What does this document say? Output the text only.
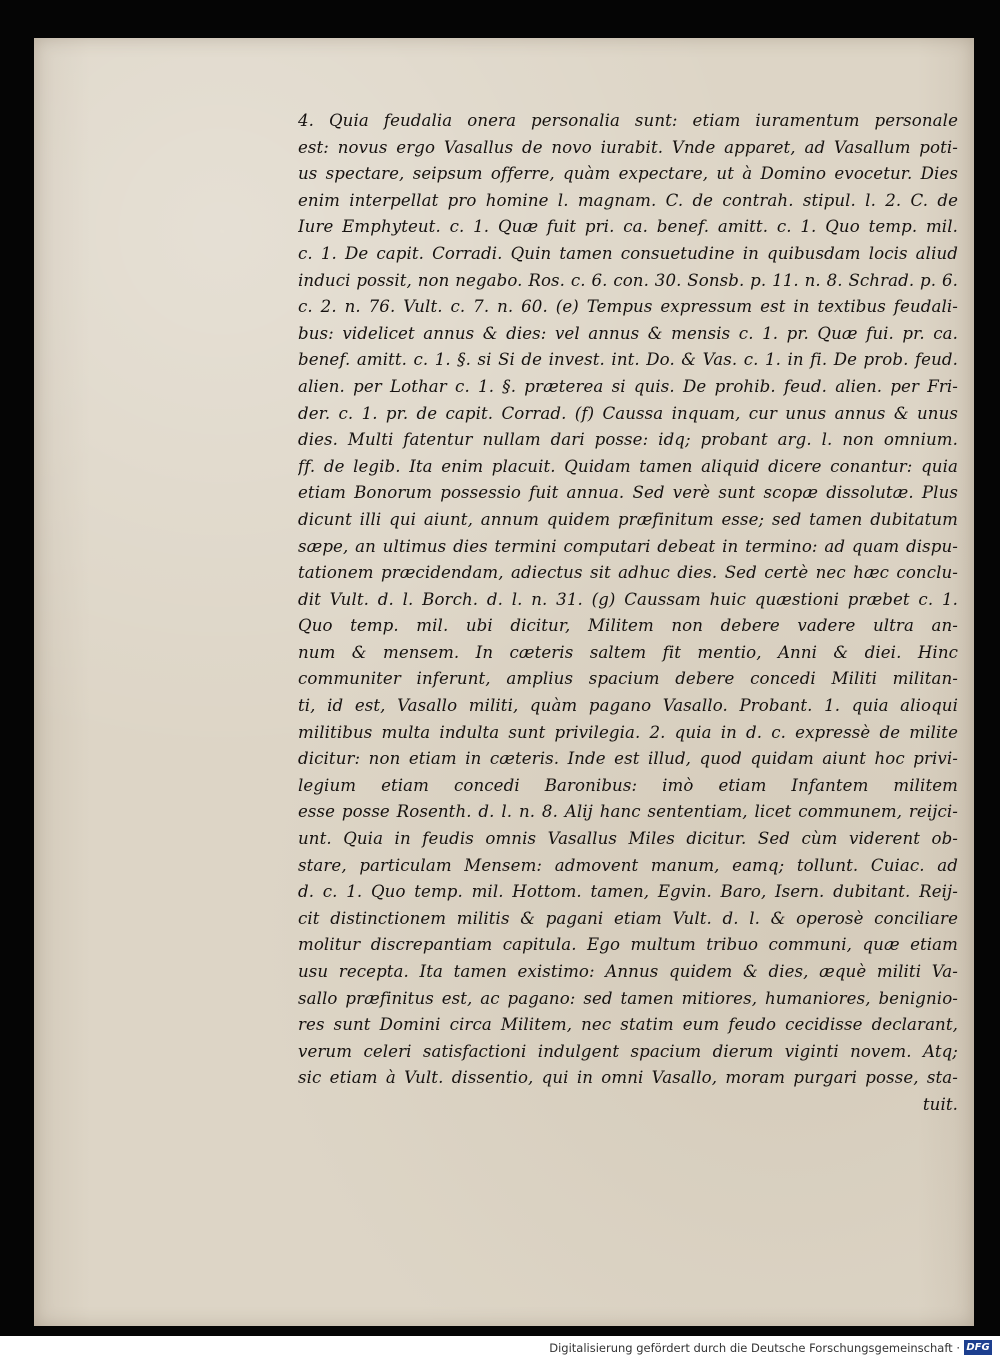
4. Quia feudalia onera personalia sunt: etiam iuramentum personale
est: novus ergo Vasallus de novo iurabit. Vnde apparet, ad Vasallum poti-
us spectare, seipsum offerre, quàm expectare, ut à Domino evocetur. Dies
enim interpellat pro homine l. magnam. C. de contrah. stipul. l. 2. C. de
Iure Emphyteut. c. 1. Quæ fuit pri. ca. benef. amitt. c. 1. Quo temp. mil.
c. 1. De capit. Corradi. Quin tamen consuetudine in quibusdam locis aliud
induci possit, non negabo. Ros. c. 6. con. 30. Sonsb. p. 11. n. 8. Schrad. p. 6.
c. 2. n. 76. Vult. c. 7. n. 60. (e) Tempus expressum est in textibus feudali-
bus: videlicet annus & dies: vel annus & mensis c. 1. pr. Quæ fui. pr. ca.
benef. amitt. c. 1. §. si Si de invest. int. Do. & Vas. c. 1. in fi. De prob. feud.
alien. per Lothar c. 1. §. præterea si quis. De prohib. feud. alien. per Fri-
der. c. 1. pr. de capit. Corrad. (f) Caussa inquam, cur unus annus & unus
dies. Multi fatentur nullam dari posse: idq; probant arg. l. non omnium.
ff. de legib. Ita enim placuit. Quidam tamen aliquid dicere conantur: quia
etiam Bonorum possessio fuit annua. Sed verè sunt scopæ dissolutæ. Plus
dicunt illi qui aiunt, annum quidem præfinitum esse; sed tamen dubitatum
sæpe, an ultimus dies termini computari debeat in termino: ad quam dispu-
tationem præcidendam, adiectus sit adhuc dies. Sed certè nec hæc conclu-
dit Vult. d. l. Borch. d. l. n. 31. (g) Caussam huic quæstioni præbet c. 1.
Quo temp. mil. ubi dicitur, Militem non debere vadere ultra an-
num & mensem. In cæteris saltem fit mentio, Anni & diei. Hinc
communiter inferunt, amplius spacium debere concedi Militi militan-
ti, id est, Vasallo militi, quàm pagano Vasallo. Probant. 1. quia alioqui
militibus multa indulta sunt privilegia. 2. quia in d. c. expressè de milite
dicitur: non etiam in cæteris. Inde est illud, quod quidam aiunt hoc privi-
legium etiam concedi Baronibus: imò etiam Infantem militem
esse posse Rosenth. d. l. n. 8. Alij hanc sententiam, licet communem, reijci-
unt. Quia in feudis omnis Vasallus Miles dicitur. Sed cùm viderent ob-
stare, particulam Mensem: admovent manum, eamq; tollunt. Cuiac. ad
d. c. 1. Quo temp. mil. Hottom. tamen, Egvin. Baro, Isern. dubitant. Reij-
cit distinctionem militis & pagani etiam Vult. d. l. & operosè conciliare
molitur discrepantiam capitula. Ego multum tribuo communi, quæ etiam
usu recepta. Ita tamen existimo: Annus quidem & dies, æquè militi Va-
sallo præfinitus est, ac pagano: sed tamen mitiores, humaniores, benignio-
res sunt Domini circa Militem, nec statim eum feudo cecidisse declarant,
verum celeri satisfactioni indulgent spacium dierum viginti novem. Atq;
sic etiam à Vult. dissentio, qui in omni Vasallo, moram purgari posse, sta-
tuit.
Digitalisierung gefördert durch die Deutsche Forschungsgemeinschaft · DFG
